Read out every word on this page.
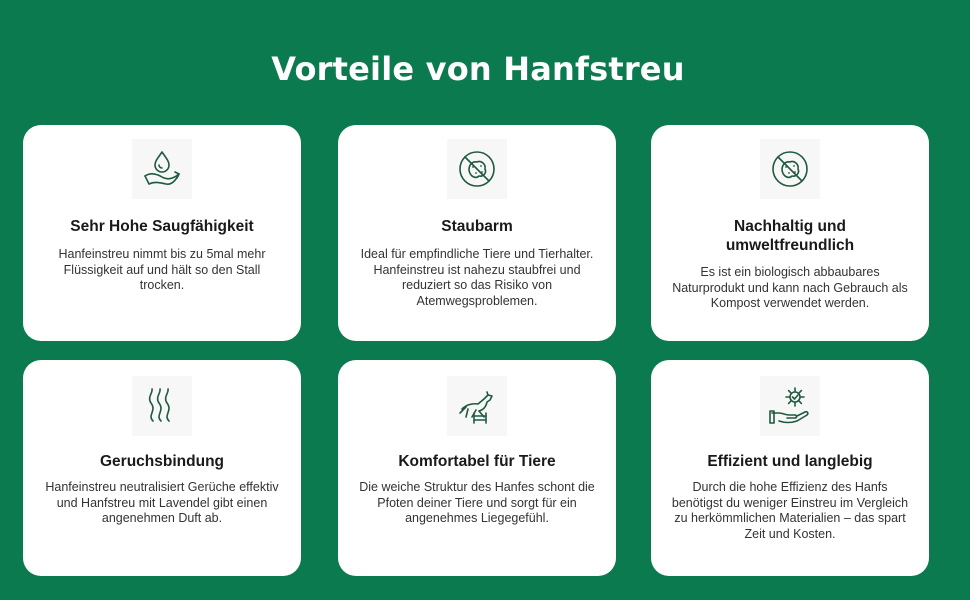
Vorteile von Hanfstreu
Sehr Hohe Saugfähigkeit
Hanfeinstreu nimmt bis zu 5mal mehr Flüssigkeit auf und hält so den Stall trocken.
Staubarm
Ideal für empfindliche Tiere und Tierhalter. Hanfeinstreu ist nahezu staubfrei und reduziert so das Risiko von Atemwegsproblemen.
Nachhaltig und umweltfreundlich
Es ist ein biologisch abbaubares Naturprodukt und kann nach Gebrauch als Kompost verwendet werden.
Geruchsbindung
Hanfeinstreu neutralisiert Gerüche effektiv und Hanfstreu mit Lavendel gibt einen angenehmen Duft ab.
Komfortabel für Tiere
Die weiche Struktur des Hanfes schont die Pfoten deiner Tiere und sorgt für ein angenehmes Liegegefühl.
Effizient und langlebig
Durch die hohe Effizienz des Hanfs benötigst du weniger Einstreu im Vergleich zu herkömmlichen Materialien – das spart Zeit und Kosten.
